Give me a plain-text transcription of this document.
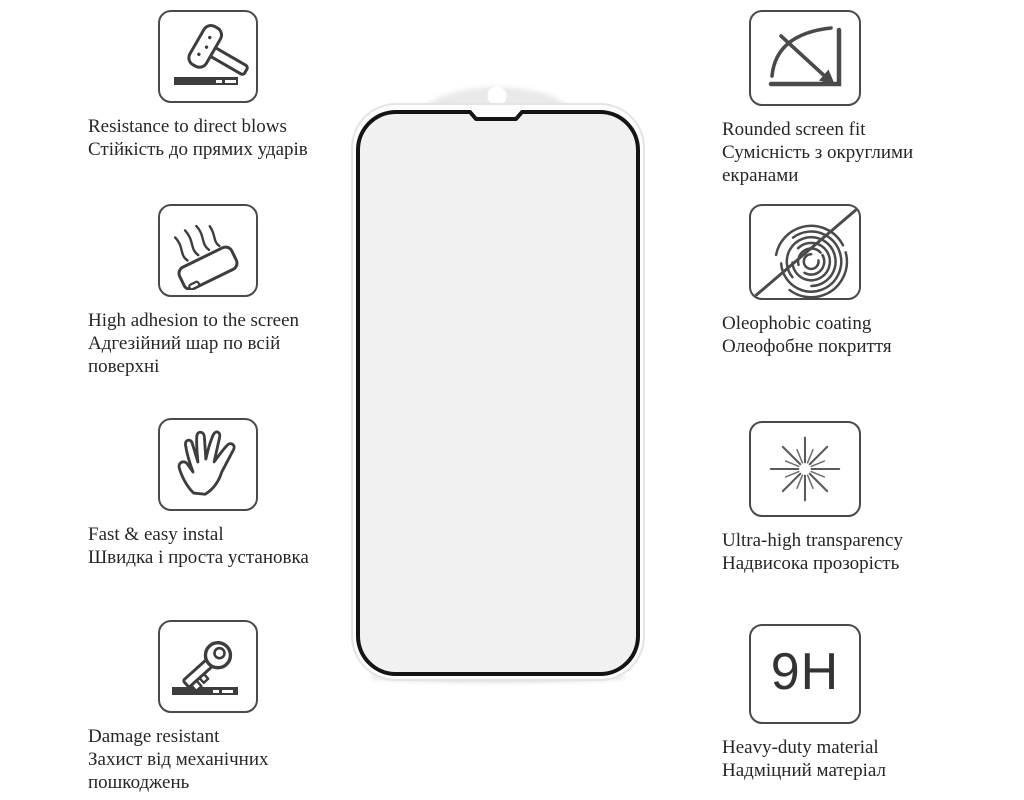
Resistance to direct blows
Стійкість до прямих ударів
High adhesion to the screen
Адгезійний шар по всій
поверхні
Fast & easy instal
Швидка і проста установка
Damage resistant
Захист від механічних
пошкоджень
Rounded screen fit
Сумісність з округлими
екранами
Oleophobic coating
Олеофобне покриття
Ultra-high transparency
Надвисока прозорість
9H
Heavy-duty material
Надміцний матеріал
